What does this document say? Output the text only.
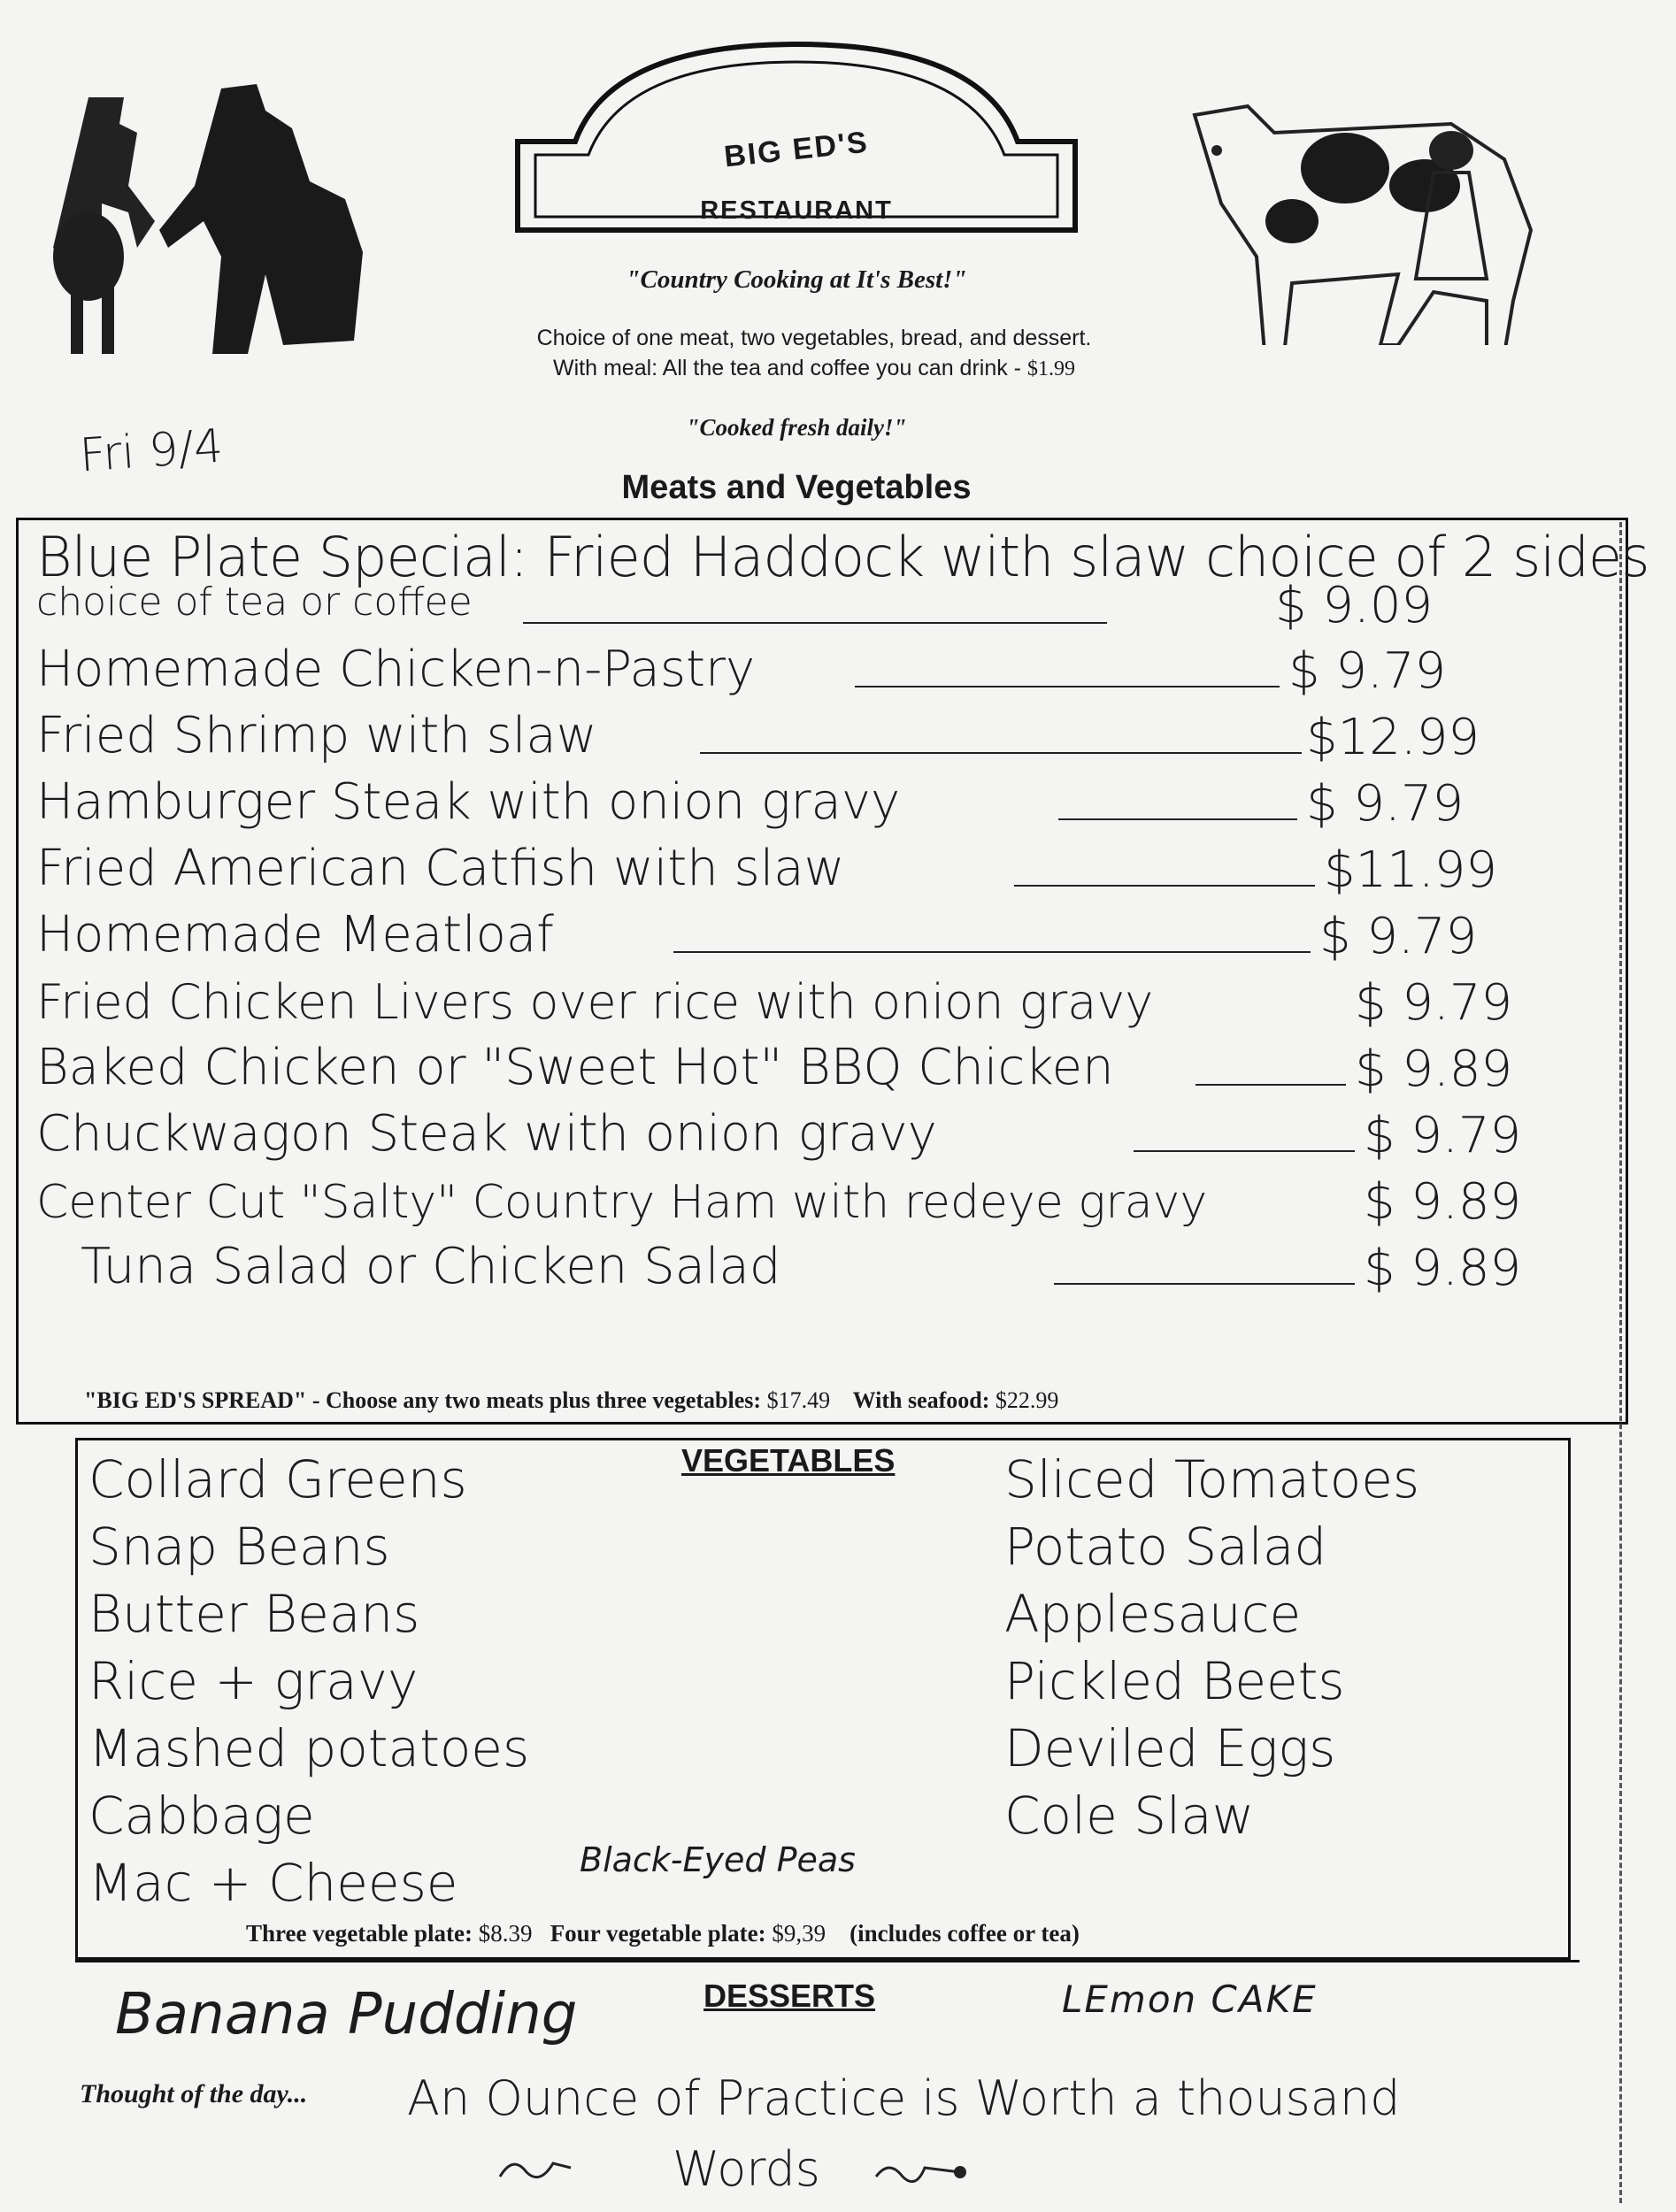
BIG ED'S
RESTAURANT
"Country Cooking at It's Best!"
Choice of one meat, two vegetables, bread, and dessert.
With meal: All the tea and coffee you can drink - $1.99
"Cooked fresh daily!"
Fri 9/4
Meats and Vegetables
Blue Plate Special: Fried Haddock with slaw choice of 2 sides
choice of tea or coffee	$ 9.09
Homemade Chicken-n-Pastry	$ 9.79
Fried Shrimp with slaw	$12.99
Hamburger Steak with onion gravy	$ 9.79
Fried American Catfish with slaw	$11.99
Homemade Meatloaf	$ 9.79
Fried Chicken Livers over rice with onion gravy	$ 9.79
Baked Chicken or "Sweet Hot" BBQ Chicken	$ 9.89
Chuckwagon Steak with onion gravy	$ 9.79
Center Cut "Salty" Country Ham with redeye gravy	$ 9.89
Tuna Salad or Chicken Salad	$ 9.89
"BIG ED'S SPREAD" - Choose any two meats plus three vegetables: $17.49 With seafood: $22.99
VEGETABLES
Collard Greens
Snap Beans
Butter Beans
Rice + gravy
Mashed potatoes
Cabbage
Mac + Cheese
Sliced Tomatoes
Potato Salad
Applesauce
Pickled Beets
Deviled Eggs
Cole Slaw
Black-Eyed Peas
Three vegetable plate: $8.39 Four vegetable plate: $9,39 (includes coffee or tea)
DESSERTS
Banana Pudding	LEmon CAKE
Thought of the day... An Ounce of Practice is Worth a thousand
Words
